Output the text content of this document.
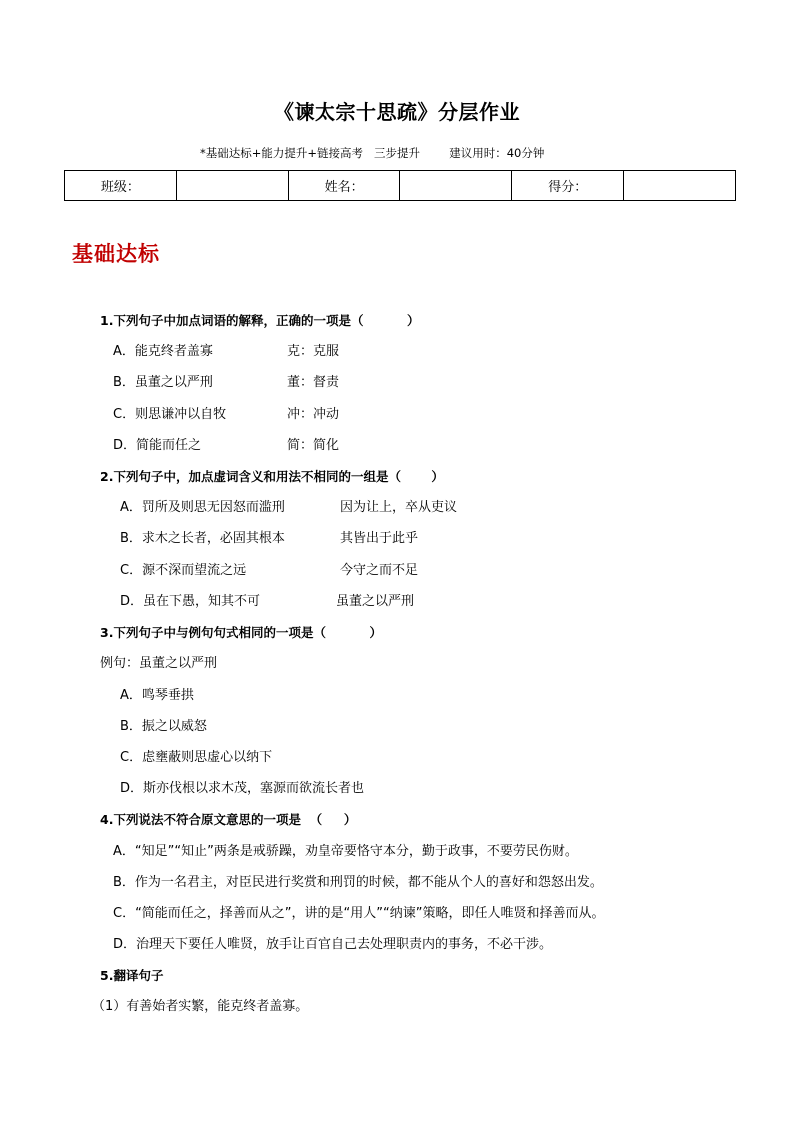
《谏太宗十思疏》分层作业
*基础达标+能力提升+链接高考   三步提升        建议用时：40分钟
班级：		姓名：		得分：	
基础达标
1.下列句子中加点词语的解释，正确的一项是（          ）
A．能克终者盖寡	克：克服
B．虽董之以严刑	董：督责
C．则思谦冲以自牧	冲：冲动
D．简能而任之	简：简化
2.下列句子中，加点虚词含义和用法不相同的一组是（       ）
A．罚所及则思无因怒而滥刑	因为让上，卒从吏议
B．求木之长者，必固其根本	其皆出于此乎
C．源不深而望流之远	今守之而不足
D．虽在下愚，知其不可	虽董之以严刑
3.下列句子中与例句句式相同的一项是（          ）
例句：虽董之以严刑
A．鸣琴垂拱
B．振之以威怒
C．虑壅蔽则思虚心以纳下
D．斯亦伐根以求木茂，塞源而欲流长者也
4.下列说法不符合原文意思的一项是  （     ）
A．“知足”“知止”两条是戒骄躁，劝皇帝要恪守本分，勤于政事，不要劳民伤财。
B．作为一名君主，对臣民进行奖赏和刑罚的时候，都不能从个人的喜好和怨怒出发。
C．“简能而任之，择善而从之”，讲的是“用人”“纳谏”策略，即任人唯贤和择善而从。
D．治理天下要任人唯贤，放手让百官自己去处理职责内的事务，不必干涉。
5.翻译句子
（1）有善始者实繁，能克终者盖寡。
